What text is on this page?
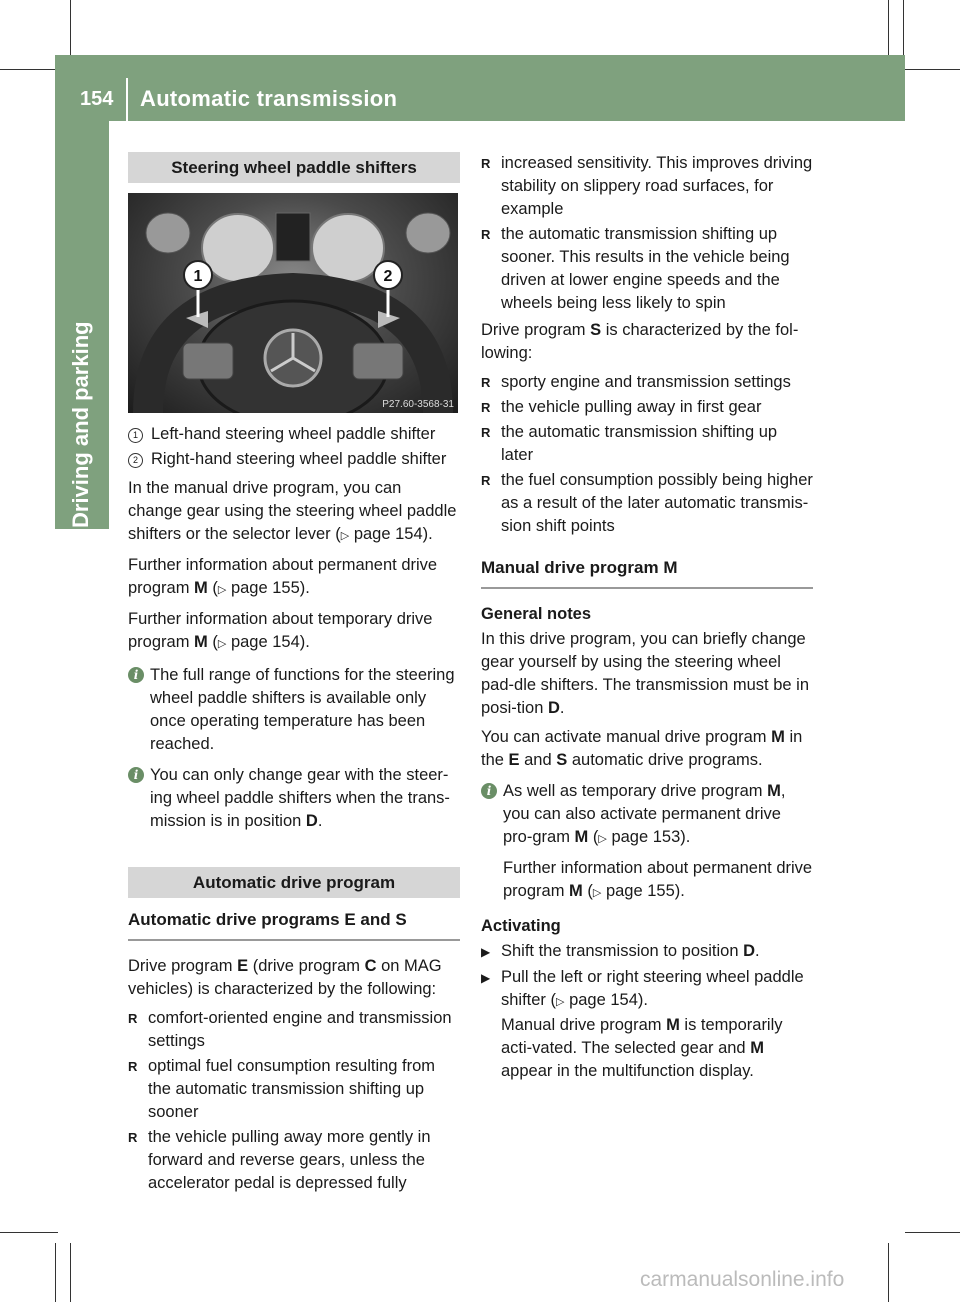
154 Automatic transmission
Driving and parking
Steering wheel paddle shifters
1	2
P27.60-3568-31
1 Left-hand steering wheel paddle shifter
2 Right-hand steering wheel paddle shifter

In the manual drive program, you can change gear using the steering wheel paddle shifters or the selector lever (▷ page 154).

Further information about permanent drive program M (▷ page 155).

Further information about temporary drive program M (▷ page 154).

i The full range of functions for the steering wheel paddle shifters is available only once operating temperature has been reached.
i You can only change gear with the steer-ing wheel paddle shifters when the trans-mission is in position D.
Automatic drive program
Automatic drive programs E and S

Drive program E (drive program C on MAG vehicles) is characterized by the following:

R comfort-oriented engine and transmission settings
R optimal fuel consumption resulting from the automatic transmission shifting up sooner
R the vehicle pulling away more gently in forward and reverse gears, unless the accelerator pedal is depressed fully
R increased sensitivity. This improves driving stability on slippery road surfaces, for example
R the automatic transmission shifting up sooner. This results in the vehicle being driven at lower engine speeds and the wheels being less likely to spin

Drive program S is characterized by the fol-lowing:

R sporty engine and transmission settings
R the vehicle pulling away in first gear
R the automatic transmission shifting up later
R the fuel consumption possibly being higher as a result of the later automatic transmis-sion shift points
Manual drive program M
General notes

In this drive program, you can briefly change gear yourself by using the steering wheel pad-dle shifters. The transmission must be in posi-tion D.

You can activate manual drive program M in the E and S automatic drive programs.

i As well as temporary drive program M, you can also activate permanent drive pro-gram M (▷ page 153).
Further information about permanent drive program M (▷ page 155).
Activating
▶ Shift the transmission to position D.
▶ Pull the left or right steering wheel paddle shifter (▷ page 154).
Manual drive program M is temporarily acti-vated. The selected gear and M appear in the multifunction display.
carmanualsonline.info
